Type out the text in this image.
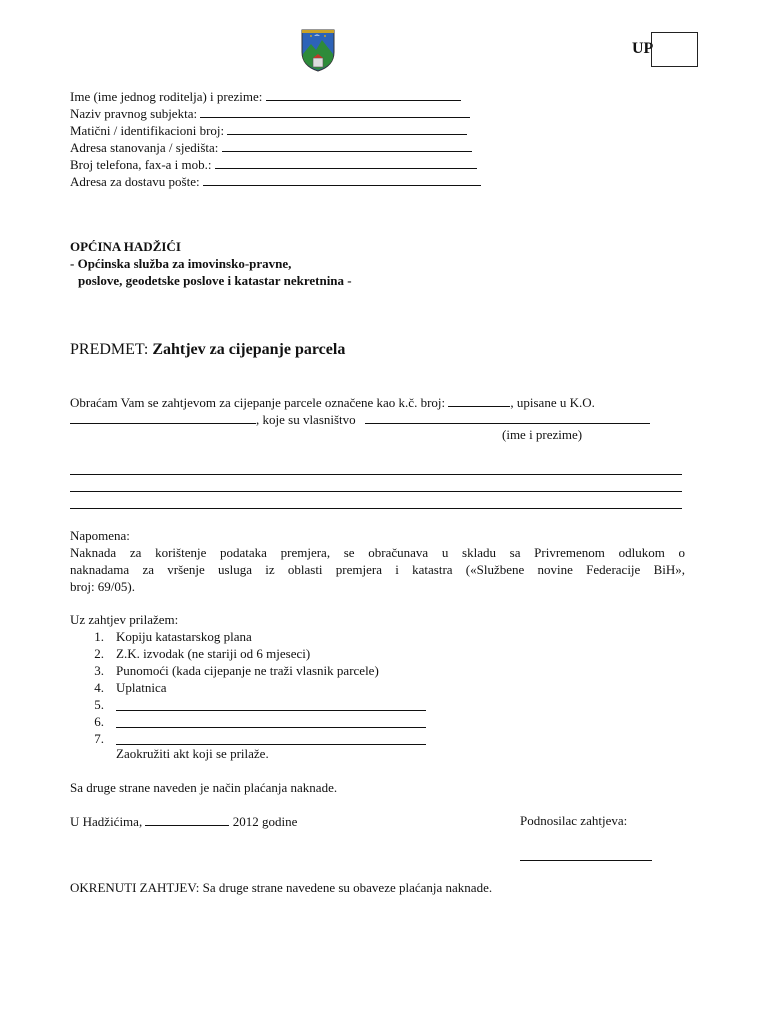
UP
Ime (ime jednog roditelja) i prezime:
Naziv pravnog subjekta:
Matični / identifikacioni broj:
Adresa stanovanja / sjedišta:
Broj telefona, fax-a i mob.:
Adresa za dostavu pošte:
OPĆINA HADŽIĆI
- Općinska služba za imovinsko-pravne,
poslove, geodetske poslove i katastar nekretnina -
PREDMET: Zahtjev za cijepanje parcela
Obraćam Vam se zahtjevom za cijepanje parcele označene kao k.č. broj:	, upisane u K.O.
, koje su vlasništvo
(ime i prezime)
Napomena:
Naknada za korištenje podataka premjera, se obračunava u skladu sa Privremenom odlukom o
naknadama za vršenje usluga iz oblasti premjera i katastra («Službene novine Federacije BiH»,
broj: 69/05).
Uz zahtjev prilažem:
1. Kopiju katastarskog plana
2. Z.K. izvodak (ne stariji od 6 mjeseci)
3. Punomoći (kada cijepanje ne traži vlasnik parcele)
4. Uplatnica
5.
6.
7.
Zaokružiti akt koji se prilaže.
Sa druge strane naveden je način plaćanja naknade.
U Hadžićima,	2012 godine	Podnosilac zahtjeva:
OKRENUTI ZAHTJEV: Sa druge strane navedene su obaveze plaćanja naknade.
